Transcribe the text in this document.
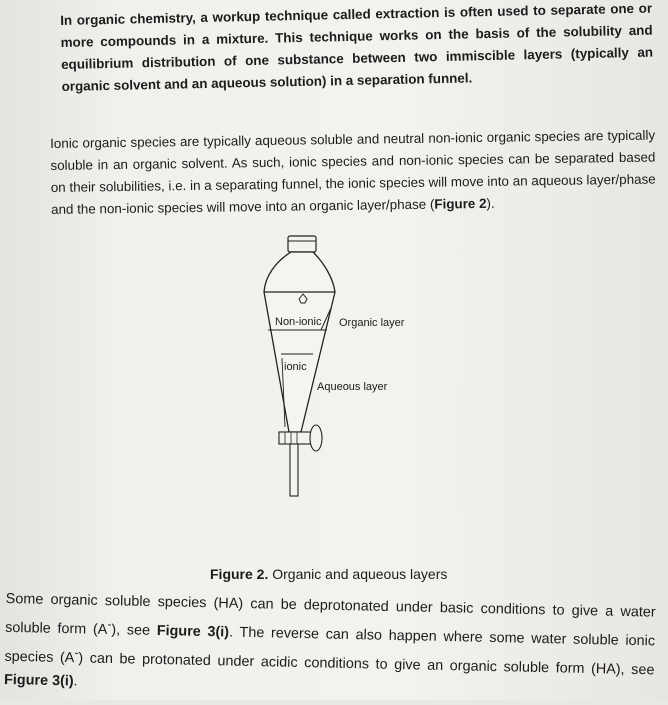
In organic chemistry, a workup technique called extraction is often used to separate one or more compounds in a mixture. This technique works on the basis of the solubility and equilibrium distribution of one substance between two immiscible layers (typically an organic solvent and an aqueous solution) in a separation funnel.

Ionic organic species are typically aqueous soluble and neutral non-ionic organic species are typically soluble in an organic solvent. As such, ionic species and non-ionic species can be separated based on their solubilities, i.e. in a separating funnel, the ionic species will move into an aqueous layer/phase and the non-ionic species will move into an organic layer/phase (Figure 2).

Non-ionic Organic layer
ionic
Aqueous layer

Figure 2. Organic and aqueous layers

Some organic soluble species (HA) can be deprotonated under basic conditions to give a water soluble form (A-), see Figure 3(i). The reverse can also happen where some water soluble ionic species (A-) can be protonated under acidic conditions to give an organic soluble form (HA), see Figure 3(i).
